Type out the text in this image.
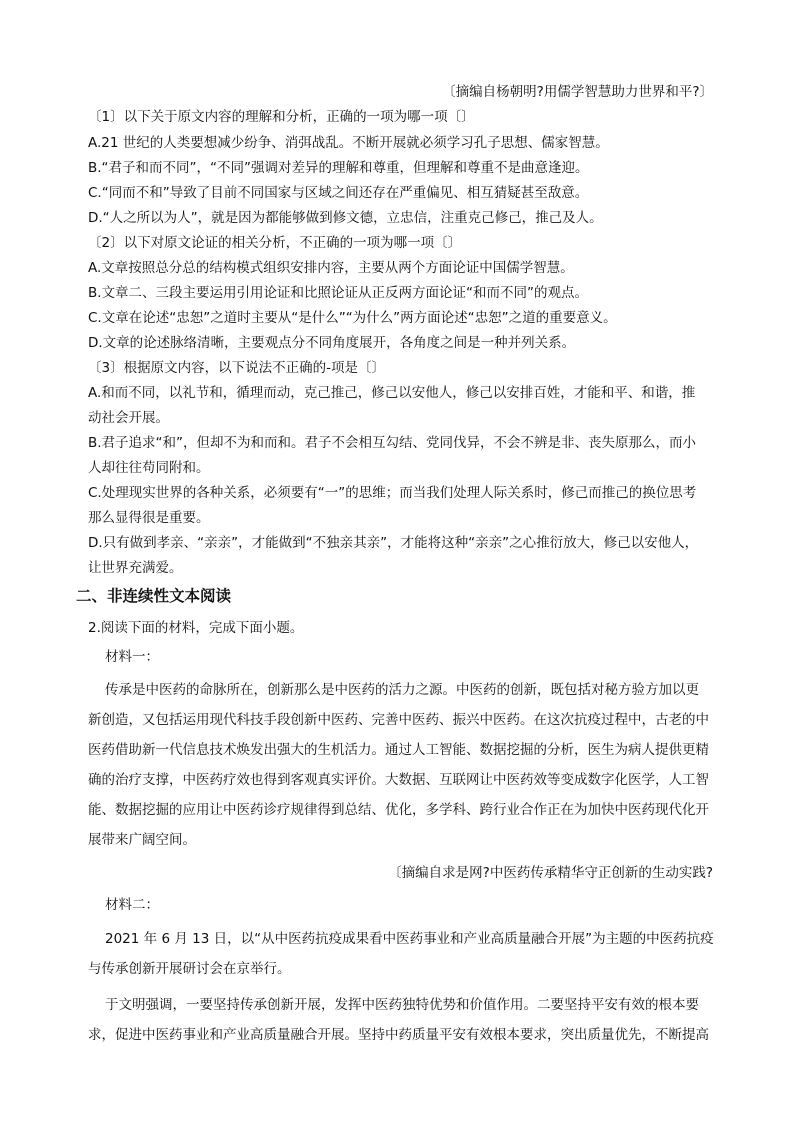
〔摘编自杨朝明?用儒学智慧助力世界和平?〕
〔1〕以下关于原文内容的理解和分析，正确的一项为哪一项〔〕
A.21 世纪的人类要想减少纷争、消弭战乱。不断开展就必须学习孔子思想、儒家智慧。
B.“君子和而不同”，“不同”强调对差异的理解和尊重，但理解和尊重不是曲意逢迎。
C.“同而不和”导致了目前不同国家与区域之间还存在严重偏见、相互猜疑甚至敌意。
D.“人之所以为人”，就是因为都能够做到修文德，立忠信，注重克己修己，推己及人。
〔2〕以下对原文论证的相关分析，不正确的一项为哪一项〔〕
A.文章按照总分总的结构模式组织安排内容，主要从两个方面论证中国儒学智慧。
B.文章二、三段主要运用引用论证和比照论证从正反两方面论证“和而不同”的观点。
C.文章在论述“忠恕”之道时主要从“是什么”“为什么”两方面论述“忠恕”之道的重要意义。
D.文章的论述脉络清晰，主要观点分不同角度展开，各角度之间是一种并列关系。
〔3〕根据原文内容，以下说法不正确的-项是〔〕
A.和而不同，以礼节和，循理而动，克己推己，修己以安他人，修己以安排百姓，才能和平、和谐，推
动社会开展。
B.君子追求“和”，但却不为和而和。君子不会相互勾结、党同伐异，不会不辨是非、丧失原那么，而小
人却往往苟同附和。
C.处理现实世界的各种关系，必须要有“一”的思维；而当我们处理人际关系时，修己而推己的换位思考
那么显得很是重要。
D.只有做到孝亲、“亲亲”，才能做到“不独亲其亲”，才能将这种“亲亲”之心推衍放大，修己以安他人，
让世界充满爱。
二、非连续性文本阅读
2.阅读下面的材料，完成下面小题。
材料一：
传承是中医药的命脉所在，创新那么是中医药的活力之源。中医药的创新，既包括对秘方验方加以更
新创造，又包括运用现代科技手段创新中医药、完善中医药、振兴中医药。在这次抗疫过程中，古老的中
医药借助新一代信息技术焕发出强大的生机活力。通过人工智能、数据挖掘的分析，医生为病人提供更精
确的治疗支撑，中医药疗效也得到客观真实评价。大数据、互联网让中医药效等变成数字化医学，人工智
能、数据挖掘的应用让中医药诊疗规律得到总结、优化，多学科、跨行业合作正在为加快中医药现代化开
展带来广阔空间。
〔摘编自求是网?中医药传承精华守正创新的生动实践?
材料二：
2021 年 6 月 13 日，以“从中医药抗疫成果看中医药事业和产业高质量融合开展”为主题的中医药抗疫
与传承创新开展研讨会在京举行。
于文明强调，一要坚持传承创新开展，发挥中医药独特优势和价值作用。二要坚持平安有效的根本要
求，促进中医药事业和产业高质量融合开展。坚持中药质量平安有效根本要求，突出质量优先，不断提高
